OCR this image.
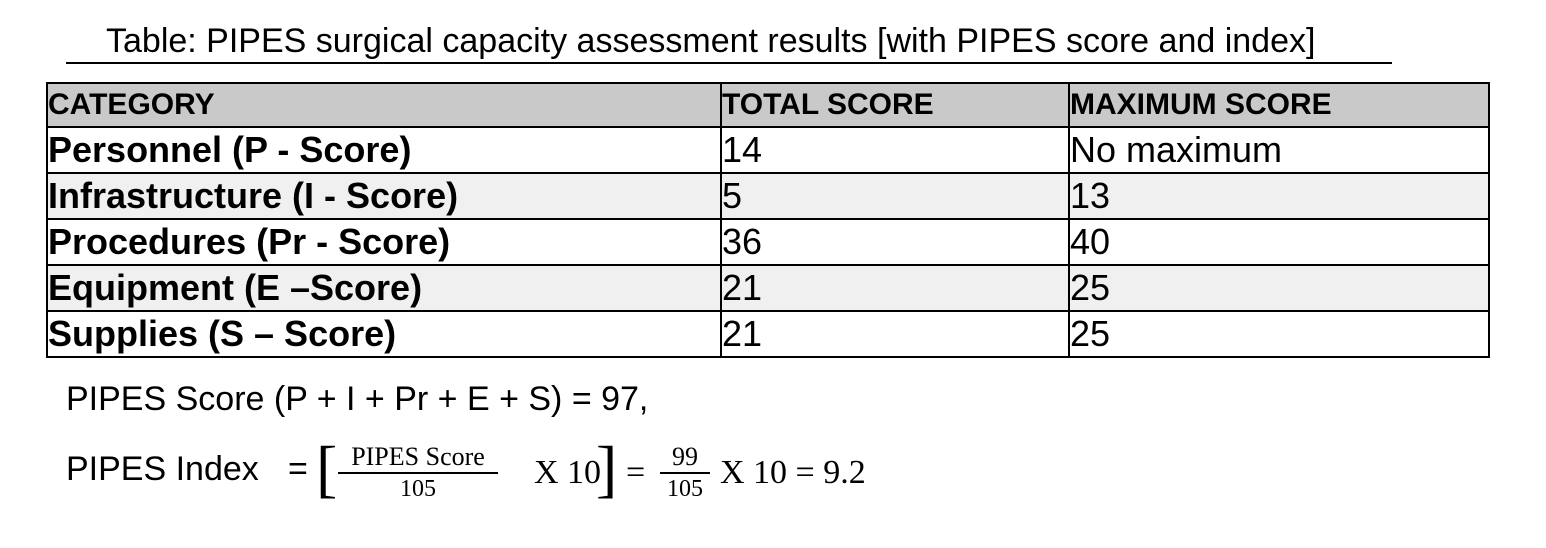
Table: PIPES surgical capacity assessment results [with PIPES score and index]
CATEGORY	TOTAL SCORE	MAXIMUM SCORE
Personnel (P - Score)	14	No maximum
Infrastructure (I - Score)	5	13
Procedures (Pr - Score)	36	40
Equipment (E –Score)	21	25
Supplies (S – Score)	21	25
PIPES Score (P + I + Pr + E + S) = 97,
PIPES Index = [ PIPES Score
105	X 10
] = $\frac{99}{105}$ X 10 = 9.2
